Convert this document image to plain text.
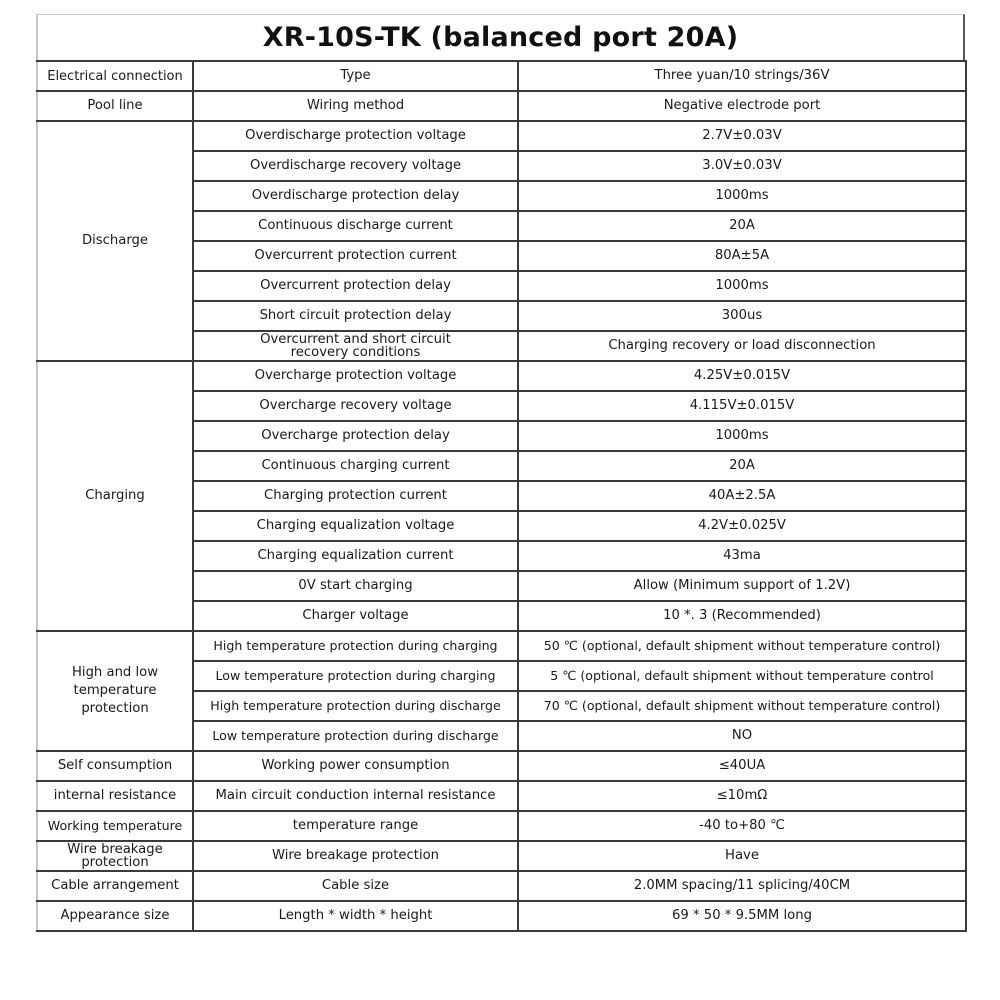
XR-10S-TK (balanced port 20A)
Electrical connection	Type	Three yuan/10 strings/36V
Pool line	Wiring method	Negative electrode port
Discharge	Overdischarge protection voltage	2.7V±0.03V
	Overdischarge recovery voltage	3.0V±0.03V
	Overdischarge protection delay	1000ms
	Continuous discharge current	20A
	Overcurrent protection current	80A±5A
	Overcurrent protection delay	1000ms
	Short circuit protection delay	300us
	Overcurrent and short circuit recovery conditions	Charging recovery or load disconnection
Charging	Overcharge protection voltage	4.25V±0.015V
	Overcharge recovery voltage	4.115V±0.015V
	Overcharge protection delay	1000ms
	Continuous charging current	20A
	Charging protection current	40A±2.5A
	Charging equalization voltage	4.2V±0.025V
	Charging equalization current	43ma
	0V start charging	Allow (Minimum support of 1.2V)
	Charger voltage	10 *. 3 (Recommended)
High and low temperature protection	High temperature protection during charging	50 ℃ (optional, default shipment without temperature control)
	Low temperature protection during charging	5 ℃ (optional, default shipment without temperature control
	High temperature protection during discharge	70 ℃ (optional, default shipment without temperature control)
	Low temperature protection during discharge	NO
Self consumption	Working power consumption	≤40UA
internal resistance	Main circuit conduction internal resistance	≤10mΩ
Working temperature	temperature range	-40 to+80 ℃
Wire breakage protection	Wire breakage protection	Have
Cable arrangement	Cable size	2.0MM spacing/11 splicing/40CM
Appearance size	Length * width * height	69 * 50 * 9.5MM long
